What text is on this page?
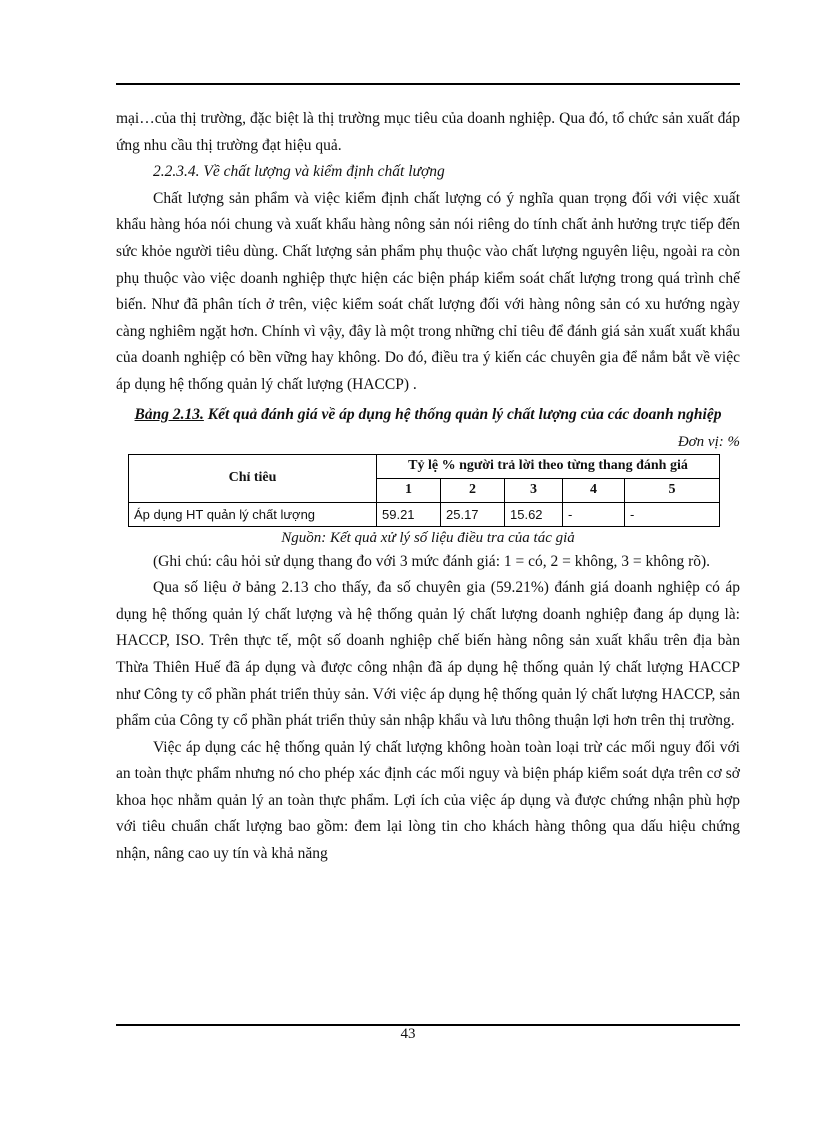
mại…của thị trường, đặc biệt là thị trường mục tiêu của doanh nghiệp. Qua đó, tổ chức sản xuất đáp ứng nhu cầu thị trường đạt hiệu quả.

2.2.3.4. Về chất lượng và kiểm định chất lượng

Chất lượng sản phẩm và việc kiểm định chất lượng có ý nghĩa quan trọng đối với việc xuất khẩu hàng hóa nói chung và xuất khẩu hàng nông sản nói riêng do tính chất ảnh hưởng trực tiếp đến sức khỏe người tiêu dùng. Chất lượng sản phẩm phụ thuộc vào chất lượng nguyên liệu, ngoài ra còn phụ thuộc vào việc doanh nghiệp thực hiện các biện pháp kiểm soát chất lượng trong quá trình chế biến. Như đã phân tích ở trên, việc kiểm soát chất lượng đối với hàng nông sản có xu hướng ngày càng nghiêm ngặt hơn. Chính vì vậy, đây là một trong những chỉ tiêu để đánh giá sản xuất xuất khẩu của doanh nghiệp có bền vững hay không. Do đó, điều tra ý kiến các chuyên gia để nắm bắt về việc áp dụng hệ thống quản lý chất lượng (HACCP) .

Bảng 2.13. Kết quả đánh giá về áp dụng hệ thống quản lý chất lượng của các doanh nghiệp
Đơn vị: %
Chỉ tiêu	Tỷ lệ % người trả lời theo từng thang đánh giá				
	1	2	3	4	5
Áp dụng HT quản lý chất lượng	59.21	25.17	15.62	-	-
Nguồn: Kết quả xử lý số liệu điều tra của tác giả

(Ghi chú: câu hỏi sử dụng thang đo với 3 mức đánh giá: 1 = có, 2 = không, 3 = không rõ).

Qua số liệu ở bảng 2.13 cho thấy, đa số chuyên gia (59.21%) đánh giá doanh nghiệp có áp dụng hệ thống quản lý chất lượng và hệ thống quản lý chất lượng doanh nghiệp đang áp dụng là: HACCP, ISO. Trên thực tế, một số doanh nghiệp chế biến hàng nông sản xuất khẩu trên địa bàn Thừa Thiên Huế đã áp dụng và được công nhận đã áp dụng hệ thống quản lý chất lượng HACCP như Công ty cổ phần phát triển thủy sản. Với việc áp dụng hệ thống quản lý chất lượng HACCP, sản phẩm của Công ty cổ phần phát triển thủy sản nhập khẩu và lưu thông thuận lợi hơn trên thị trường.

Việc áp dụng các hệ thống quản lý chất lượng không hoàn toàn loại trừ các mối nguy đối với an toàn thực phẩm nhưng nó cho phép xác định các mối nguy và biện pháp kiểm soát dựa trên cơ sở khoa học nhằm quản lý an toàn thực phẩm. Lợi ích của việc áp dụng và được chứng nhận phù hợp với tiêu chuẩn chất lượng bao gồm: đem lại lòng tin cho khách hàng thông qua dấu hiệu chứng nhận, nâng cao uy tín và khả năng

43
